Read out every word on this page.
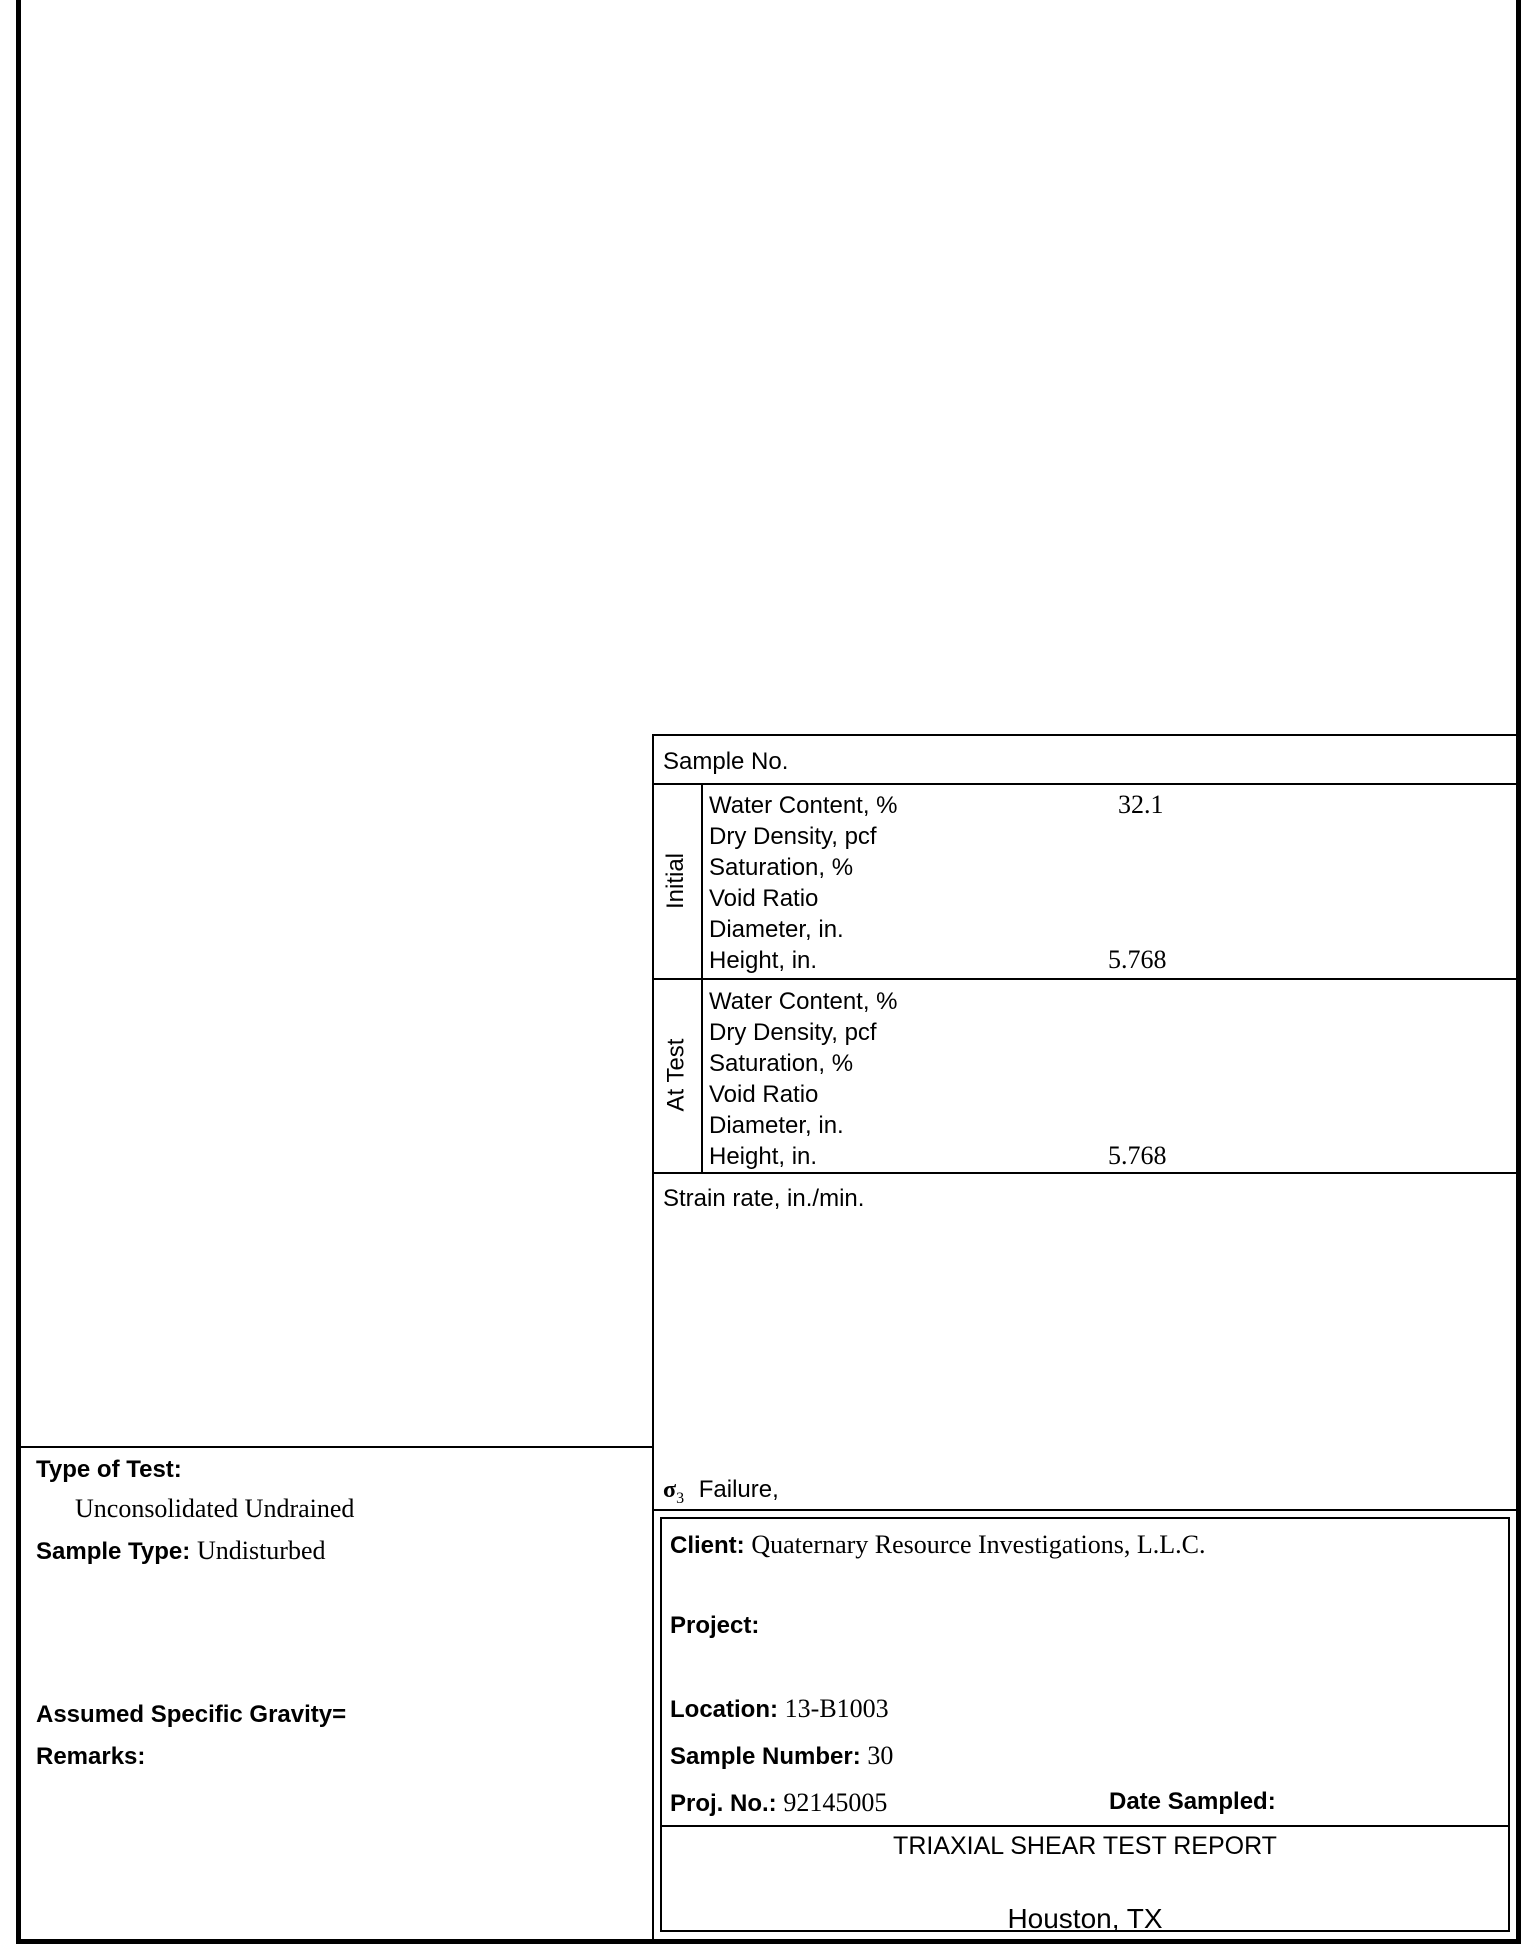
Sample No.
Initial
Water Content, %
Dry Density, pcf
Saturation, %
Void Ratio
Diameter, in.
Height, in.
32.1
5.768
At Test
Water Content, %
Dry Density, pcf
Saturation, %
Void Ratio
Diameter, in.
Height, in.	5.768
Strain rate, in./min.
$\sigma_3$ Failure,
Type of Test:
Unconsolidated Undrained
Sample Type: Undisturbed
Assumed Specific Gravity=
Remarks:
Client: Quaternary Resource Investigations, L.L.C.
Project:
Location: 13-B1003
Sample Number: 30
Proj. No.: 92145005	Date Sampled:
TRIAXIAL SHEAR TEST REPORT
Houston, TX
